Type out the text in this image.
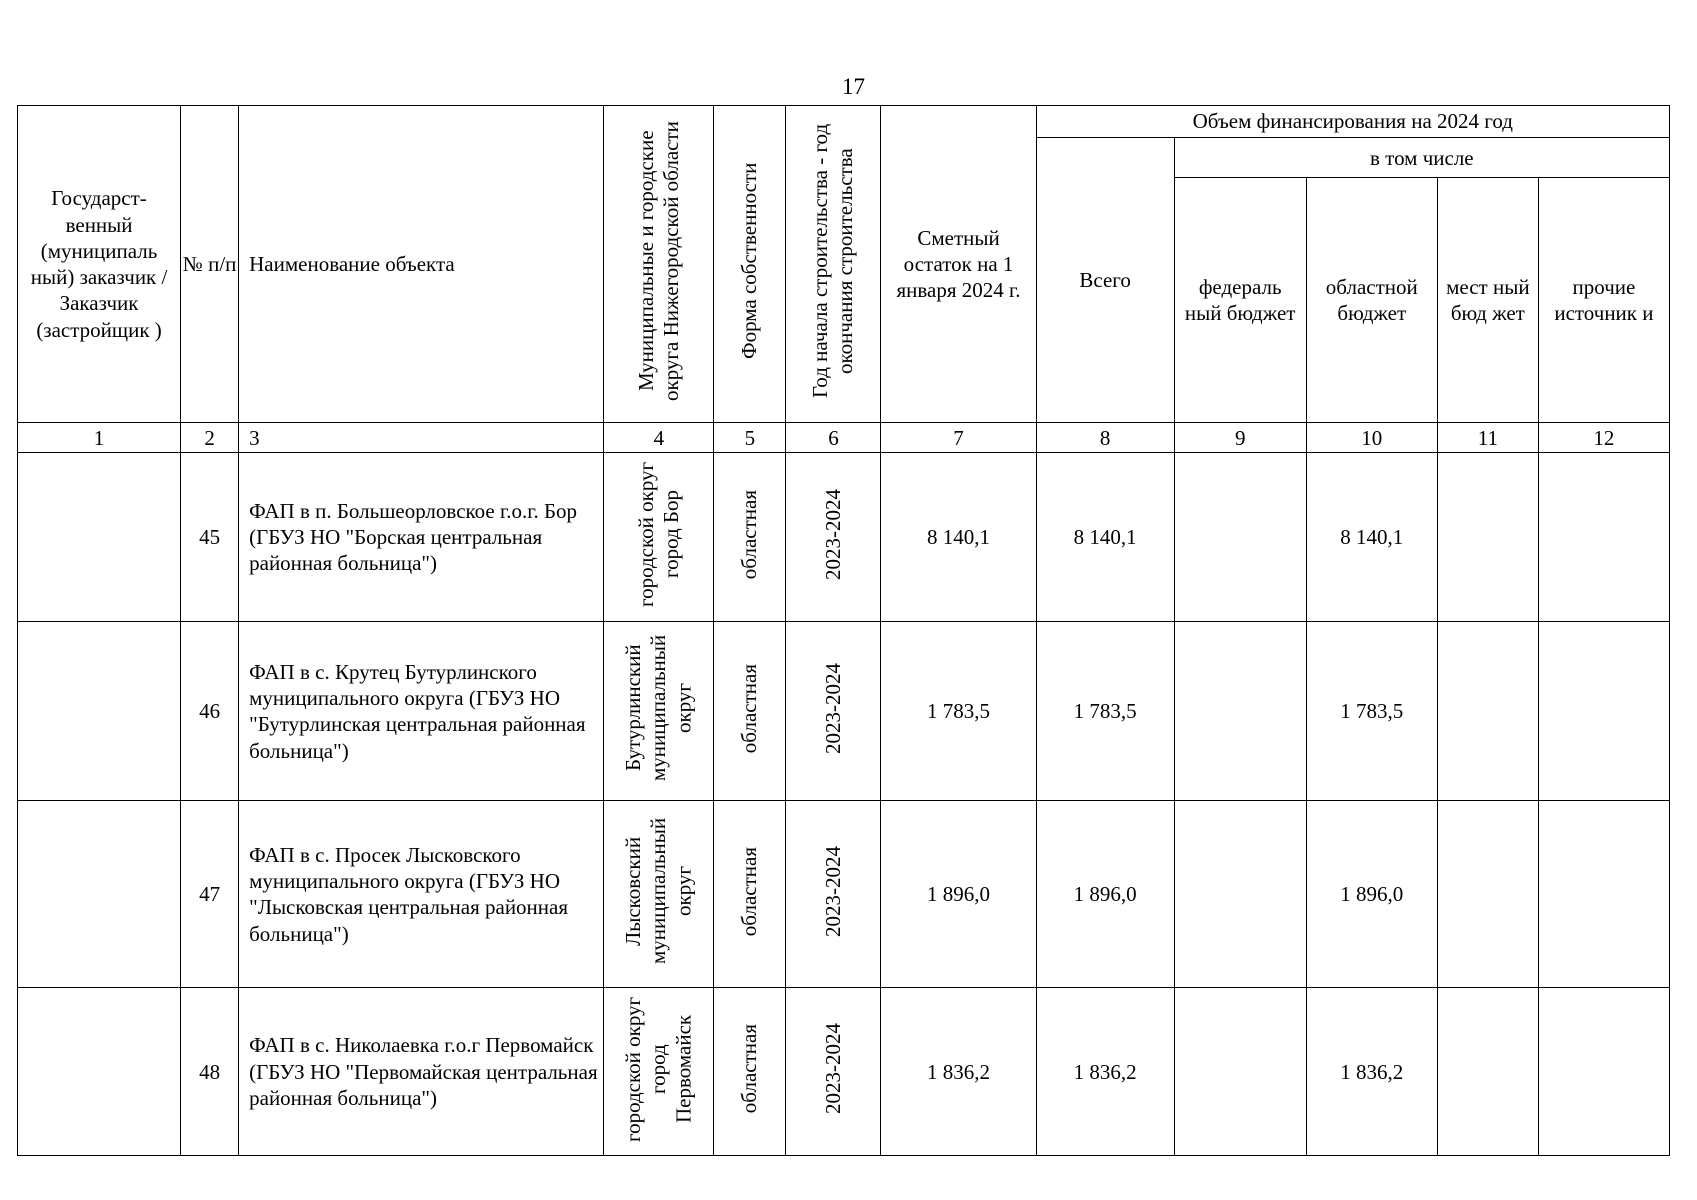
17
Государст-венный (муниципаль ный) заказчик / Заказчик (застройщик )	№ п/п	Наименование объекта	Муниципальные и городские округа Нижегородской области	Форма собственности	Год начала строительства - год окончания строительства	Сметный остаток на 1 января 2024 г.	Объем финансирования на 2024 год				
							Всего	в том числе			
								федераль ный бюджет	областной бюджет	мест ный бюд жет	прочие источник и
1	2	3	4	5	6	7	8	9	10	11	12
	45	ФАП в п. Большеорловское г.о.г. Бор (ГБУЗ НО "Борская центральная районная больница")	городской округ город Бор	областная	2023-2024	8 140,1	8 140,1		8 140,1		
	46	ФАП в с. Крутец Бутурлинского муниципального округа (ГБУЗ НО "Бутурлинская центральная районная больница")	Бутурлинский муниципальный округ	областная	2023-2024	1 783,5	1 783,5		1 783,5		
	47	ФАП в с. Просек Лысковского муниципального округа (ГБУЗ НО "Лысковская центральная районная больница")	Лысковский муниципальный округ	областная	2023-2024	1 896,0	1 896,0		1 896,0		
	48	ФАП в с. Николаевка г.о.г Первомайск (ГБУЗ НО "Первомайская центральная районная больница")	городской округ город Первомайск	областная	2023-2024	1 836,2	1 836,2		1 836,2		
